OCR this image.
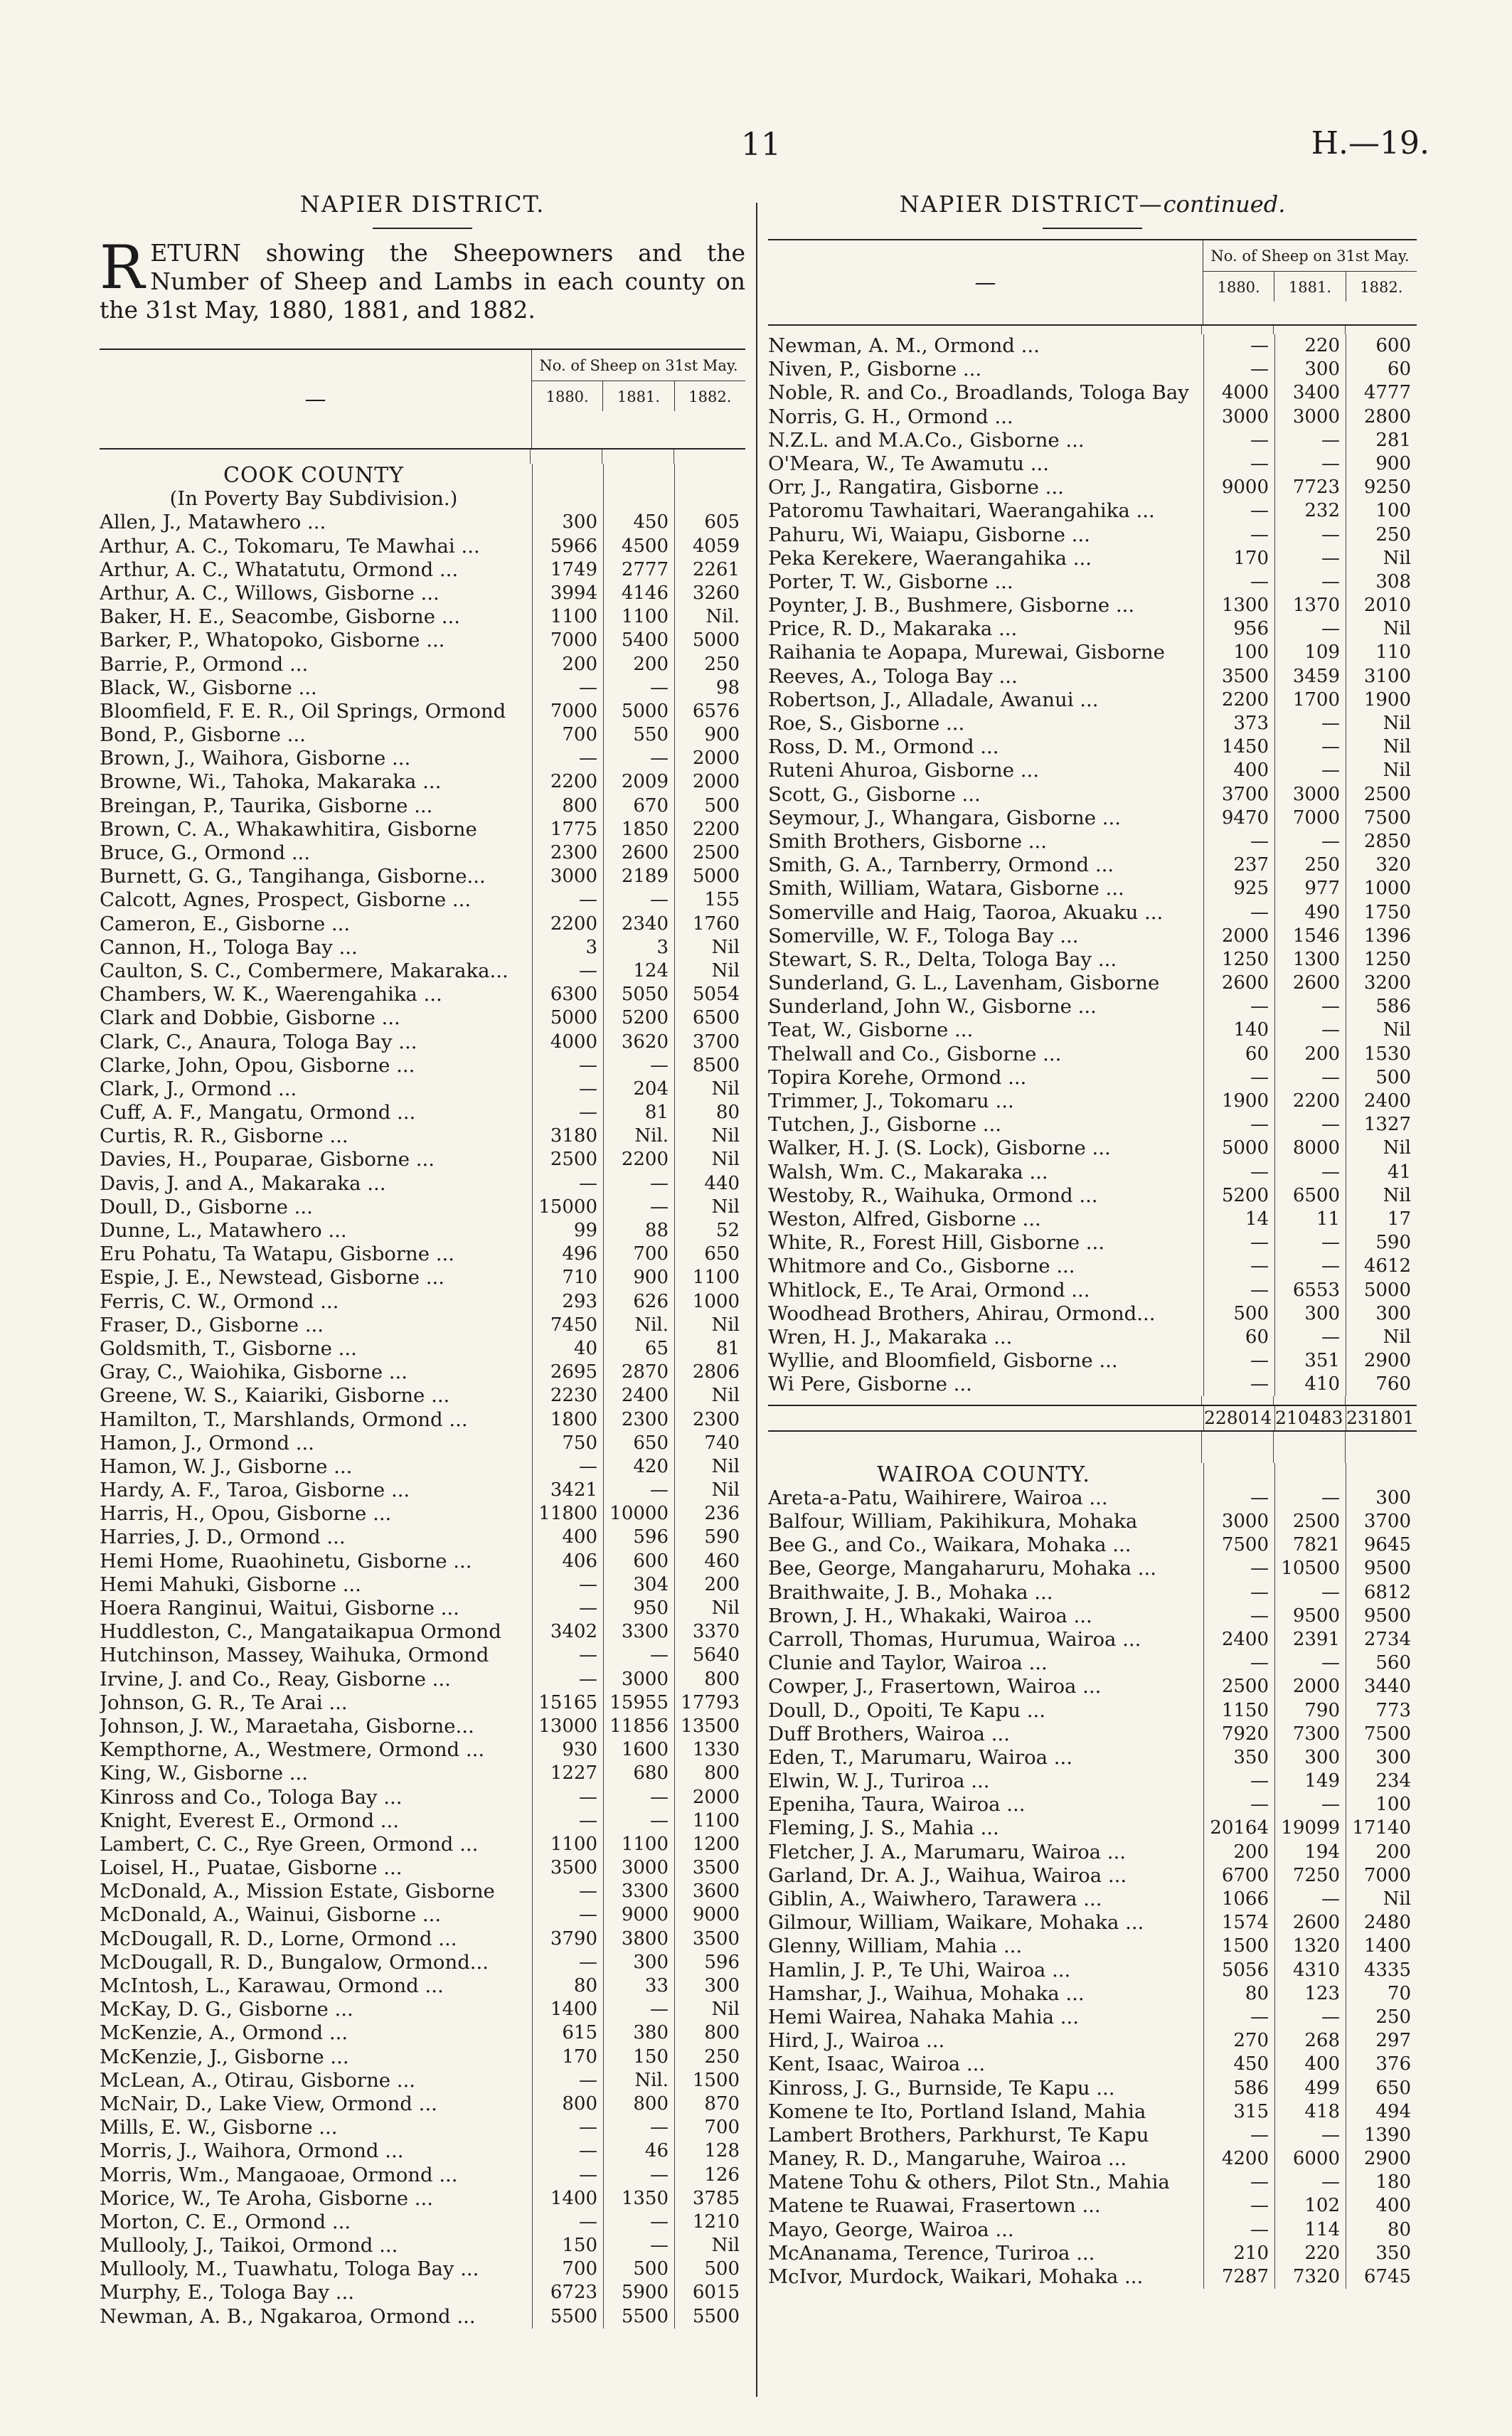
11	H.—19.
NAPIER DISTRICT.
RETURN showing the Sheepowners and the Number of Sheep and Lambs in each county on the 31st May, 1880, 1881, and 1882.
—
No. of Sheep on 31st May.
1880.	1881.	1882.
COOK COUNTY
(In Poverty Bay Subdivision.)
Allen, J., Matawhero ...	300	450	605
Arthur, A. C., Tokomaru, Te Mawhai ...	5966	4500	4059
Arthur, A. C., Whatatutu, Ormond ...	1749	2777	2261
Arthur, A. C., Willows, Gisborne ...	3994	4146	3260
Baker, H. E., Seacombe, Gisborne ...	1100	1100	Nil.
Barker, P., Whatopoko, Gisborne ...	7000	5400	5000
Barrie, P., Ormond ...	200	200	250
Black, W., Gisborne ...	—	—	98
Bloomfield, F. E. R., Oil Springs, Ormond	7000	5000	6576
Bond, P., Gisborne ...	700	550	900
Brown, J., Waihora, Gisborne ...	—	—	2000
Browne, Wi., Tahoka, Makaraka ...	2200	2009	2000
Breingan, P., Taurika, Gisborne ...	800	670	500
Brown, C. A., Whakawhitira, Gisborne	1775	1850	2200
Bruce, G., Ormond ...	2300	2600	2500
Burnett, G. G., Tangihanga, Gisborne...	3000	2189	5000
Calcott, Agnes, Prospect, Gisborne ...	—	—	155
Cameron, E., Gisborne ...	2200	2340	1760
Cannon, H., Tologa Bay ...	3	3	Nil
Caulton, S. C., Combermere, Makaraka...	—	124	Nil
Chambers, W. K., Waerengahika ...	6300	5050	5054
Clark and Dobbie, Gisborne ...	5000	5200	6500
Clark, C., Anaura, Tologa Bay ...	4000	3620	3700
Clarke, John, Opou, Gisborne ...	—	—	8500
Clark, J., Ormond ...	—	204	Nil
Cuff, A. F., Mangatu, Ormond ...	—	81	80
Curtis, R. R., Gisborne ...	3180	Nil.	Nil
Davies, H., Pouparae, Gisborne ...	2500	2200	Nil
Davis, J. and A., Makaraka ...	—	—	440
Doull, D., Gisborne ...	15000	—	Nil
Dunne, L., Matawhero ...	99	88	52
Eru Pohatu, Ta Watapu, Gisborne ...	496	700	650
Espie, J. E., Newstead, Gisborne ...	710	900	1100
Ferris, C. W., Ormond ...	293	626	1000
Fraser, D., Gisborne ...	7450	Nil.	Nil
Goldsmith, T., Gisborne ...	40	65	81
Gray, C., Waiohika, Gisborne ...	2695	2870	2806
Greene, W. S., Kaiariki, Gisborne ...	2230	2400	Nil
Hamilton, T., Marshlands, Ormond ...	1800	2300	2300
Hamon, J., Ormond ...	750	650	740
Hamon, W. J., Gisborne ...	—	420	Nil
Hardy, A. F., Taroa, Gisborne ...	3421	—	Nil
Harris, H., Opou, Gisborne ...	11800 10000	236
Harries, J. D., Ormond ...	400	596	590
Hemi Home, Ruaohinetu, Gisborne ...	406	600	460
Hemi Mahuki, Gisborne ...	—	304	200
Hoera Ranginui, Waitui, Gisborne ...	—	950	Nil
Huddleston, C., Mangataikapua Ormond	3402	3300	3370
Hutchinson, Massey, Waihuka, Ormond	—	—	5640
Irvine, J. and Co., Reay, Gisborne ...	—	3000	800
Johnson, G. R., Te Arai ...	15165 15955 17793
Johnson, J. W., Maraetaha, Gisborne...	13000 11856 13500
Kempthorne, A., Westmere, Ormond ...	930	1600	1330
King, W., Gisborne ...	1227	680	800
Kinross and Co., Tologa Bay ...	—	—	2000
Knight, Everest E., Ormond ...	—	—	1100
Lambert, C. C., Rye Green, Ormond ...	1100	1100	1200
Loisel, H., Puatae, Gisborne ...	3500	3000	3500
McDonald, A., Mission Estate, Gisborne	—	3300	3600
McDonald, A., Wainui, Gisborne ...	—	9000	9000
McDougall, R. D., Lorne, Ormond ...	3790	3800	3500
McDougall, R. D., Bungalow, Ormond...	—	300	596
McIntosh, L., Karawau, Ormond ...	80	33	300
McKay, D. G., Gisborne ...	1400	—	Nil
McKenzie, A., Ormond ...	615	380	800
McKenzie, J., Gisborne ...	170	150	250
McLean, A., Otirau, Gisborne ...	—	Nil.	1500
McNair, D., Lake View, Ormond ...	800	800	870
Mills, E. W., Gisborne ...	—	—	700
Morris, J., Waihora, Ormond ...	—	46	128
Morris, Wm., Mangaoae, Ormond ...	—	—	126
Morice, W., Te Aroha, Gisborne ...	1400	1350	3785
Morton, C. E., Ormond ...	—	—	1210
Mullooly, J., Taikoi, Ormond ...	150	—	Nil
Mullooly, M., Tuawhatu, Tologa Bay ...	700	500	500
Murphy, E., Tologa Bay ...	6723	5900	6015
Newman, A. B., Ngakaroa, Ormond ...	5500	5500	5500
NAPIER DISTRICT—continued.
—
No. of Sheep on 31st May.
1880.	1881.	1882.
Newman, A. M., Ormond ...	—	220	600
Niven, P., Gisborne ...	—	300	60
Noble, R. and Co., Broadlands, Tologa Bay	4000	3400	4777
Norris, G. H., Ormond ...	3000	3000	2800
N.Z.L. and M.A.Co., Gisborne ...	—	—	281
O'Meara, W., Te Awamutu ...	—	—	900
Orr, J., Rangatira, Gisborne ...	9000	7723	9250
Patoromu Tawhaitari, Waerangahika ...	—	232	100
Pahuru, Wi, Waiapu, Gisborne ...	—	—	250
Peka Kerekere, Waerangahika ...	170	—	Nil
Porter, T. W., Gisborne ...	—	—	308
Poynter, J. B., Bushmere, Gisborne ...	1300	1370	2010
Price, R. D., Makaraka ...	956	—	Nil
Raihania te Aopapa, Murewai, Gisborne	100	109	110
Reeves, A., Tologa Bay ...	3500	3459	3100
Robertson, J., Alladale, Awanui ...	2200	1700	1900
Roe, S., Gisborne ...	373	—	Nil
Ross, D. M., Ormond ...	1450	—	Nil
Ruteni Ahuroa, Gisborne ...	400	—	Nil
Scott, G., Gisborne ...	3700	3000	2500
Seymour, J., Whangara, Gisborne ...	9470	7000	7500
Smith Brothers, Gisborne ...	—	—	2850
Smith, G. A., Tarnberry, Ormond ...	237	250	320
Smith, William, Watara, Gisborne ...	925	977	1000
Somerville and Haig, Taoroa, Akuaku ...	—	490	1750
Somerville, W. F., Tologa Bay ...	2000	1546	1396
Stewart, S. R., Delta, Tologa Bay ...	1250	1300	1250
Sunderland, G. L., Lavenham, Gisborne	2600	2600	3200
Sunderland, John W., Gisborne ...	—	—	586
Teat, W., Gisborne ...	140	—	Nil
Thelwall and Co., Gisborne ...	60	200	1530
Topira Korehe, Ormond ...	—	—	500
Trimmer, J., Tokomaru ...	1900	2200	2400
Tutchen, J., Gisborne ...	—	—	1327
Walker, H. J. (S. Lock), Gisborne ...	5000	8000	Nil
Walsh, Wm. C., Makaraka ...	—	—	41
Westoby, R., Waihuka, Ormond ...	5200	6500	Nil
Weston, Alfred, Gisborne ...	14	11	17
White, R., Forest Hill, Gisborne ...	—	—	590
Whitmore and Co., Gisborne ...	—	—	4612
Whitlock, E., Te Arai, Ormond ...	—	6553	5000
Woodhead Brothers, Ahirau, Ormond...	500	300	300
Wren, H. J., Makaraka ...	60	—	Nil
Wyllie, and Bloomfield, Gisborne ...	—	351	2900
Wi Pere, Gisborne ...	—	410	760
228014 210483 231801
WAIROA COUNTY.
Areta-a-Patu, Waihirere, Wairoa ...	—	—	300
Balfour, William, Pakihikura, Mohaka	3000	2500	3700
Bee G., and Co., Waikara, Mohaka ...	7500	7821	9645
Bee, George, Mangaharuru, Mohaka ...	— 10500	9500
Braithwaite, J. B., Mohaka ...	—	—	6812
Brown, J. H., Whakaki, Wairoa ...	—	9500	9500
Carroll, Thomas, Hurumua, Wairoa ...	2400	2391	2734
Clunie and Taylor, Wairoa ...	—	—	560
Cowper, J., Frasertown, Wairoa ...	2500	2000	3440
Doull, D., Opoiti, Te Kapu ...	1150	790	773
Duff Brothers, Wairoa ...	7920	7300	7500
Eden, T., Marumaru, Wairoa ...	350	300	300
Elwin, W. J., Turiroa ...	—	149	234
Epeniha, Taura, Wairoa ...	—	—	100
Fleming, J. S., Mahia ...	20164 19099 17140
Fletcher, J. A., Marumaru, Wairoa ...	200	194	200
Garland, Dr. A. J., Waihua, Wairoa ...	6700	7250	7000
Giblin, A., Waiwhero, Tarawera ...	1066	—	Nil
Gilmour, William, Waikare, Mohaka ...	1574	2600	2480
Glenny, William, Mahia ...	1500	1320	1400
Hamlin, J. P., Te Uhi, Wairoa ...	5056	4310	4335
Hamshar, J., Waihua, Mohaka ...	80	123	70
Hemi Wairea, Nahaka Mahia ...	—	—	250
Hird, J., Wairoa ...	270	268	297
Kent, Isaac, Wairoa ...	450	400	376
Kinross, J. G., Burnside, Te Kapu ...	586	499	650
Komene te Ito, Portland Island, Mahia	315	418	494
Lambert Brothers, Parkhurst, Te Kapu	—	—	1390
Maney, R. D., Mangaruhe, Wairoa ...	4200	6000	2900
Matene Tohu & others, Pilot Stn., Mahia	—	—	180
Matene te Ruawai, Frasertown ...	—	102	400
Mayo, George, Wairoa ...	—	114	80
McAnanama, Terence, Turiroa ...	210	220	350
McIvor, Murdock, Waikari, Mohaka ...	7287	7320	6745
